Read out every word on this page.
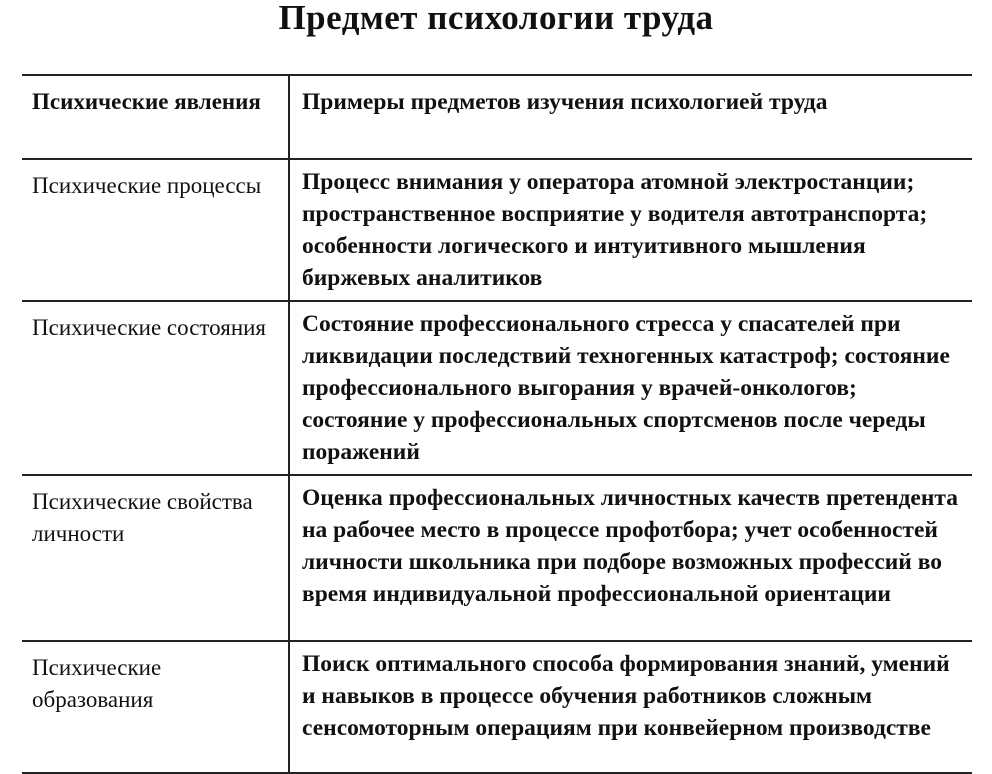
Предмет психологии труда
Психические явления	Примеры предметов изучения психологией труда

Психические процессы	Процесс внимания у оператора атомной электростанции; пространственное восприятие у водителя автотранспорта; особенности логического и интуитивного мышления биржевых аналитиков

Психические состояния	Состояние профессионального стресса у спасателей при ликвидации последствий техногенных катастроф; состояние профессионального выгорания у врачей-онкологов; состояние у профессиональных спортсменов после череды поражений

Психические свойства личности	Оценка профессиональных личностных качеств претендента на рабочее место в процессе профотбора; учет особенностей личности школьника при подборе возможных профессий во время индивидуальной профессиональной ориентации

Психические образования	Поиск оптимального способа формирования знаний, умений и навыков в процессе обучения работников сложным сенсомоторным операциям при конвейерном производстве
